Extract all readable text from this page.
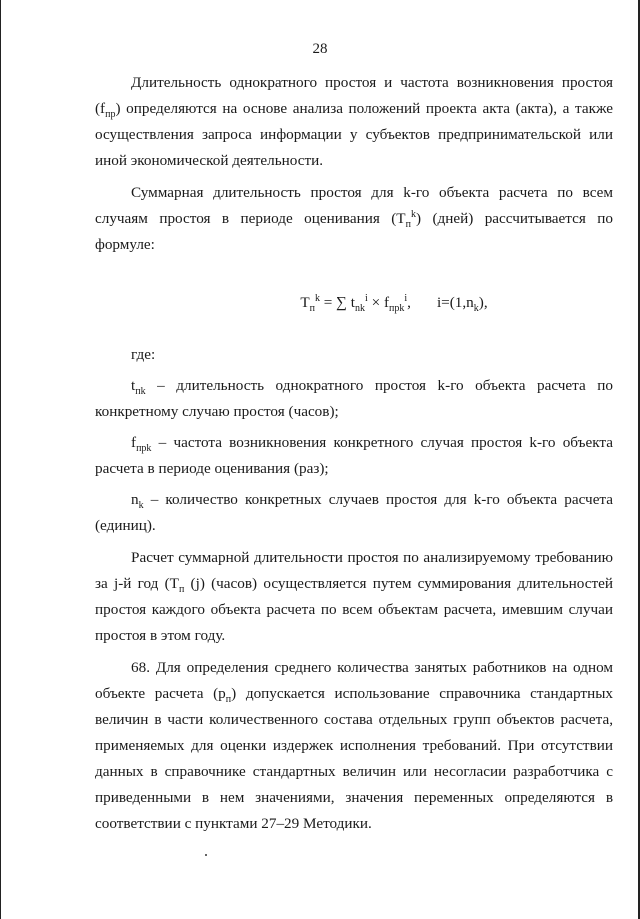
28

Длительность однократного простоя и частота возникновения простоя $(f_{пр})$ определяются на основе анализа положений проекта акта (акта), а также осуществления запроса информации у субъектов предпринимательской или иной экономической деятельности.

Суммарная длительность простоя для k-го объекта расчета по всем случаям простоя в периоде оценивания $(T_п^k)$ (дней) рассчитывается по формуле:

$T_п^k$ = ∑ $t_{nk}^i \times f_{пpk}^i$, $i=(1,n_k)$,

где:

$t_{пk}$ – длительность однократного простоя k-го объекта расчета по конкретному случаю простоя (часов);

$f_{прk}$ – частота возникновения конкретного случая простоя k-го объекта расчета в периоде оценивания (раз);

$n_k$ – количество конкретных случаев простоя для k-го объекта расчета (единиц).

Расчет суммарной длительности простоя по анализируемому требованию за j-й год ($T_п$ (j) (часов) осуществляется путем суммирования длительностей простоя каждого объекта расчета по всем объектам расчета, имевшим случаи простоя в этом году.

68. Для определения среднего количества занятых работников на одном объекте расчета $(p_п)$ допускается использование справочника стандартных величин в части количественного состава отдельных групп объектов расчета, применяемых для оценки издержек исполнения требований. При отсутствии данных в справочнике стандартных величин или несогласии разработчика с приведенными в нем значениями, значения переменных определяются в соответствии с пунктами 27–29 Методики.
